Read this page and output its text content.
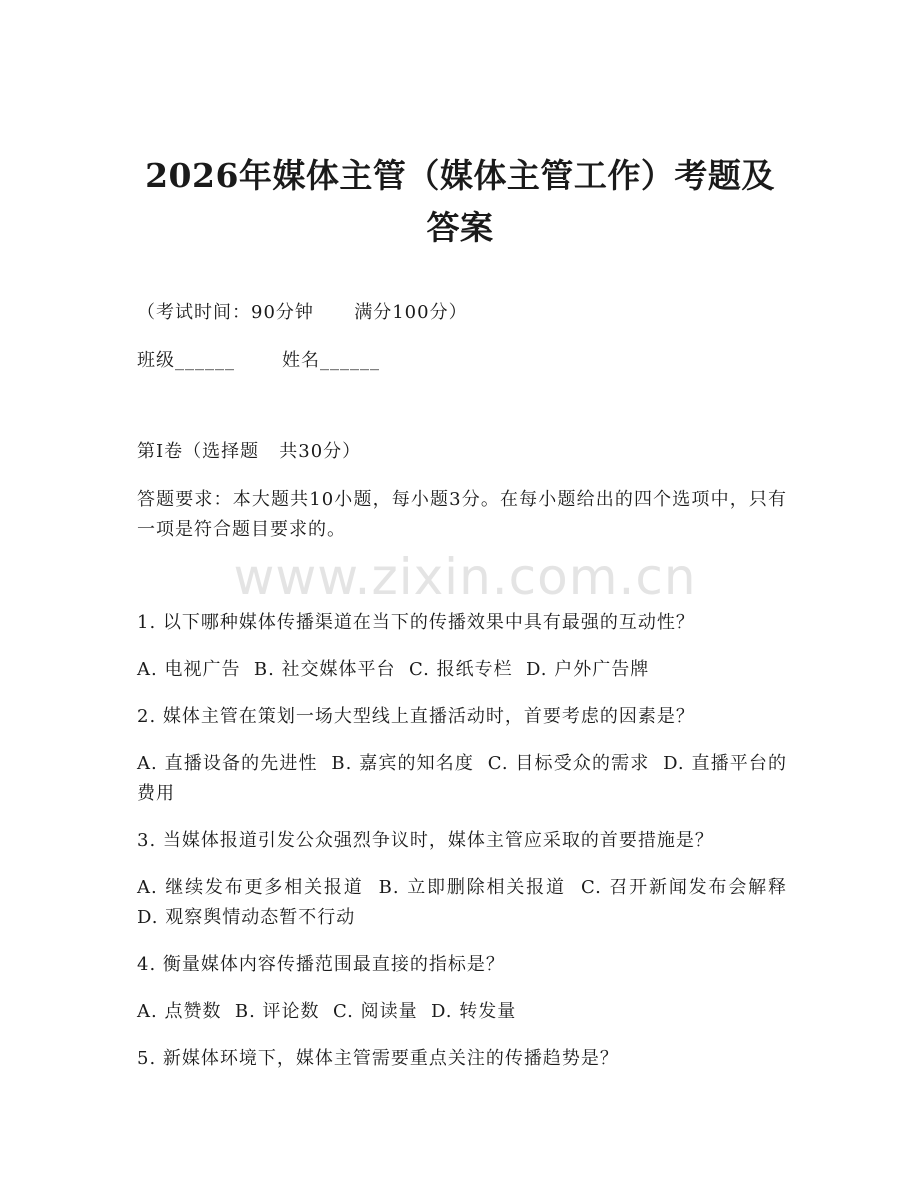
2026年媒体主管（媒体主管工作）考题及答案
（考试时间：90分钟      满分100分）
班级______       姓名______
第Ⅰ卷（选择题   共30分）
答题要求：本大题共10小题，每小题3分。在每小题给出的四个选项中，只有一项是符合题目要求的。
www.zixin.com.cn
1. 以下哪种媒体传播渠道在当下的传播效果中具有最强的互动性？
A. 电视广告  B. 社交媒体平台  C. 报纸专栏  D. 户外广告牌
2. 媒体主管在策划一场大型线上直播活动时，首要考虑的因素是？
A. 直播设备的先进性  B. 嘉宾的知名度  C. 目标受众的需求  D. 直播平台的费用
3. 当媒体报道引发公众强烈争议时，媒体主管应采取的首要措施是？
A. 继续发布更多相关报道  B. 立即删除相关报道  C. 召开新闻发布会解释  D. 观察舆情动态暂不行动
4. 衡量媒体内容传播范围最直接的指标是？
A. 点赞数  B. 评论数  C. 阅读量  D. 转发量
5. 新媒体环境下，媒体主管需要重点关注的传播趋势是？
